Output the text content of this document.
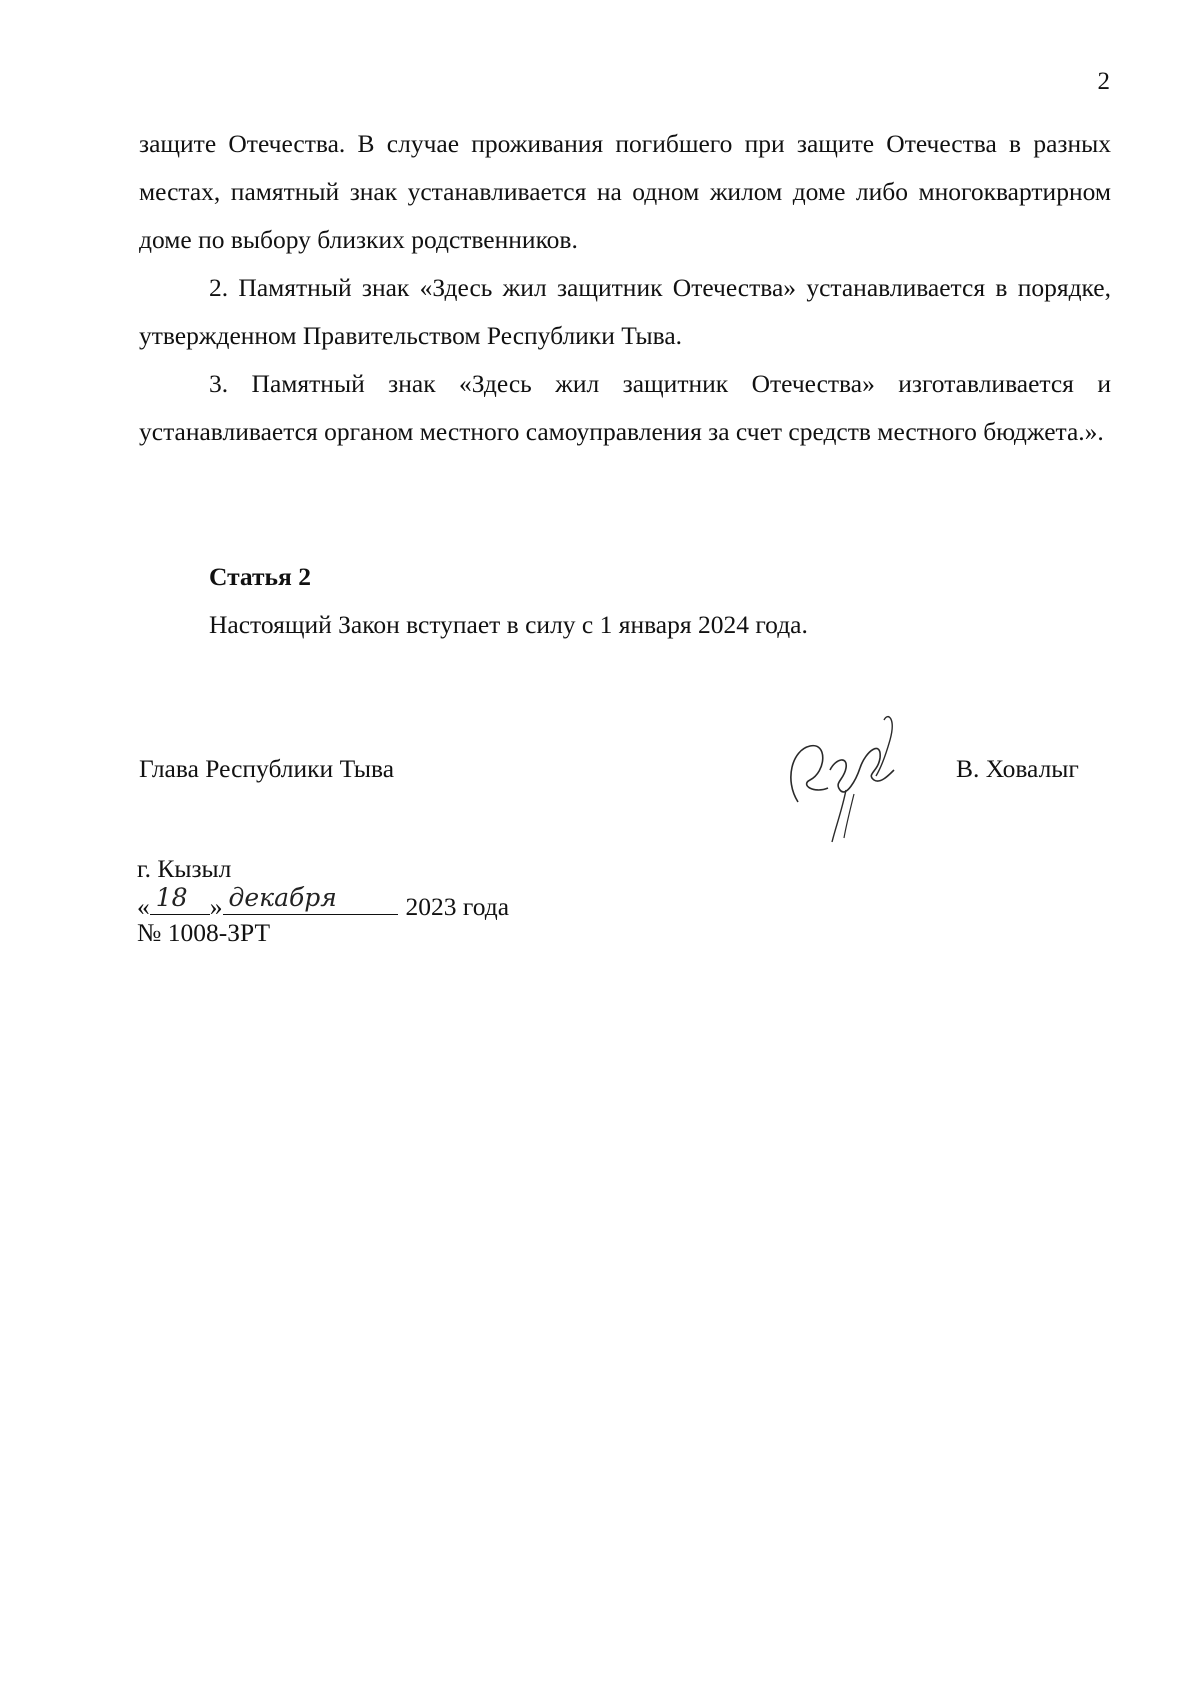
2

защите Отечества. В случае проживания погибшего при защите Отечества в разных местах, памятный знак устанавливается на одном жилом доме либо многоквартирном доме по выбору близких родственников.

2. Памятный знак «Здесь жил защитник Отечества» устанавливается в порядке, утвержденном Правительством Республики Тыва.

3. Памятный знак «Здесь жил защитник Отечества» изготавливается и устанавливается органом местного самоуправления за счет средств местного бюджета.».

Статья 2
Настоящий Закон вступает в силу с 1 января 2024 года.
Глава Республики Тыва	В. Ховалыг
г. Кызыл
« 18 » декабря	2023 года
№ 1008-ЗРТ
